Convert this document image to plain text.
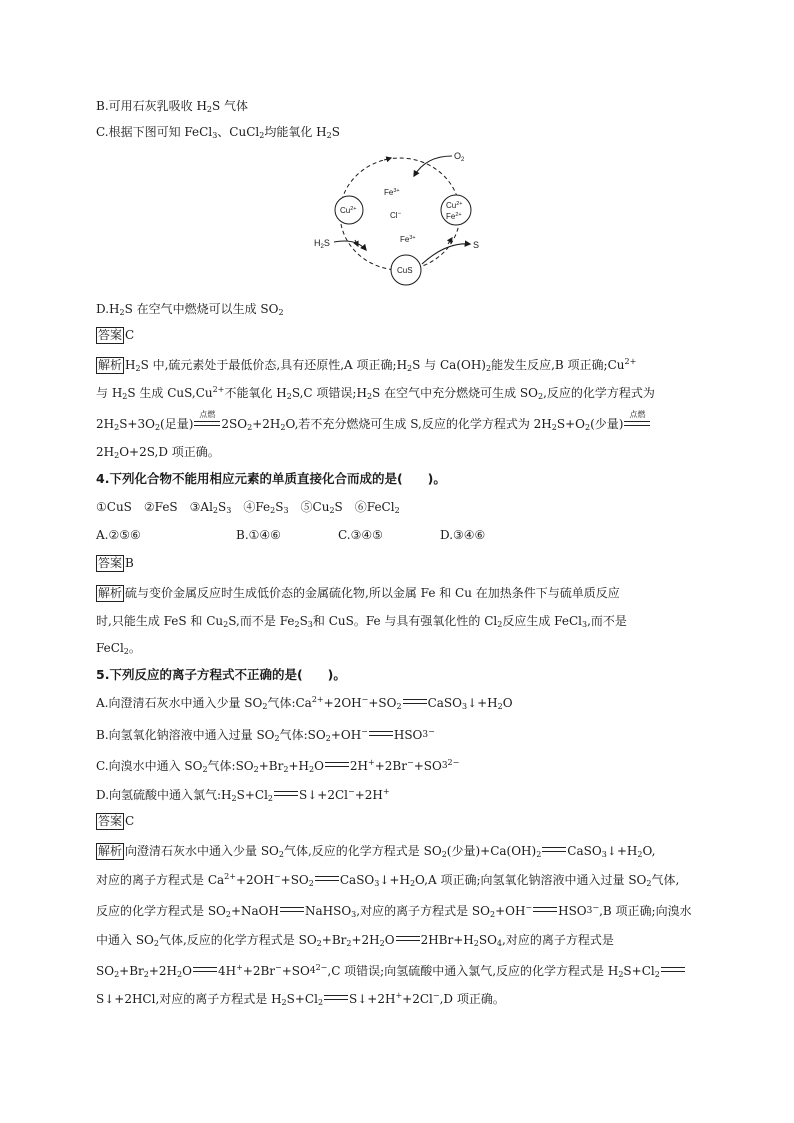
B.可用石灰乳吸收 $H_2S$ 气体
C.根据下图可知 FeCl$_3$、CuCl$_2$均能氧化 $H_2S$
$O_2$
$H_2S$	S
$Cu^{2+}$	$Cu^{2+}$
$Fe^{2+}$
CuS
$Fe^{3+}$
Cl−
$Fe^{3+}$
$D.H_2S$ 在空气中燃烧可以生成 $SO_2$
答案 C
解析 $H_2S$ 中,硫元素处于最低价态,具有还原性,A 项正确$;H_2S$ 与 $Ca(OH)_2$能发生反应,B 项正确$;Cu^{2+}$
与 $H_2S$ 生成 $CuS,Cu^{2+}$不能氧化 $H_2S,C$ 项错误$;H_2S$ 在空气中充分燃烧可生成 $SO_2$,反应的化学方程式为
$2H_2S+3O_2$(足量)
点燃
$2SO_2+2H_2O$,若不充分燃烧可生成 S,反应的化学方程式为 $2H_2S+O_2$(少量)
点燃
$2H_2O+2S,D$ 项正确。
4.下列化合物不能用相应元素的单质直接化合而成的是(　　)。
①CuS　②FeS　$③Al_2S_3$　$④Fe_2S_3$　$⑤Cu_2S$　⑥FeCl$_2$
A.②⑤⑥	B.①④⑥	C.③④⑤	D.③④⑥
答案 B
解析 硫与变价金属反应时生成低价态的金属硫化物,所以金属 Fe 和 Cu 在加热条件下与硫单质反应
时,只能生成 FeS 和 $Cu_2S$,而不是 $Fe_2S_3$和 CuS。Fe 与具有强氧化性的 $Cl_2$反应生成 FeCl$_3$,而不是
FeCl$_2$。
5.下列反应的离子方程式不正确的是(　　)。
A.向澄清石灰水中通入少量 $SO_2$气体$:Ca^{2+}+2OH^-+SO_2$ $CaSO_3↓+H_2O$
B.向氢氧化钠溶液中通入过量 $SO_2$气体$:SO_2+OH^-$ HSO3−
C.向溴水中通入 $SO_2$气体$:SO_2+Br_2+H_2O$ $2H^++2Br^-+SO3^{2-}$
D.向氢硫酸中通入氯气$:H_2S+Cl_2$ S↓+2Cl−+2H+
答案 C
解析 向澄清石灰水中通入少量 $SO_2$气体,反应的化学方程式是 $SO_2$(少量)$+Ca(OH)_2$ $CaSO_3↓+H_2O$,
对应的离子方程式是 $Ca^{2+}+2OH^-+SO_2$ $CaSO_3↓+H_2O,A$ 项正确;向氢氧化钠溶液中通入过量 $SO_2$气体,
反应的化学方程式是 $SO_2+NaOH$ NaHSO$_3$,对应的离子方程式是 $SO_2+OH^-$ HSO3−,B 项正确;向溴水
中通入 $SO_2$气体,反应的化学方程式是 $SO_2+Br_2+2H_2O$ $2HBr+H_2SO_4$,对应的离子方程式是
$SO_2+Br_2+2H_2O$ $4H^++2Br^-+SO4^{2-},C$ 项错误;向氢硫酸中通入氯气,反应的化学方程式是 $H_2S+Cl_2$
S↓+2HCl,对应的离子方程式是 $H_2S+Cl_2$ S↓+2H++2Cl−,D 项正确。
